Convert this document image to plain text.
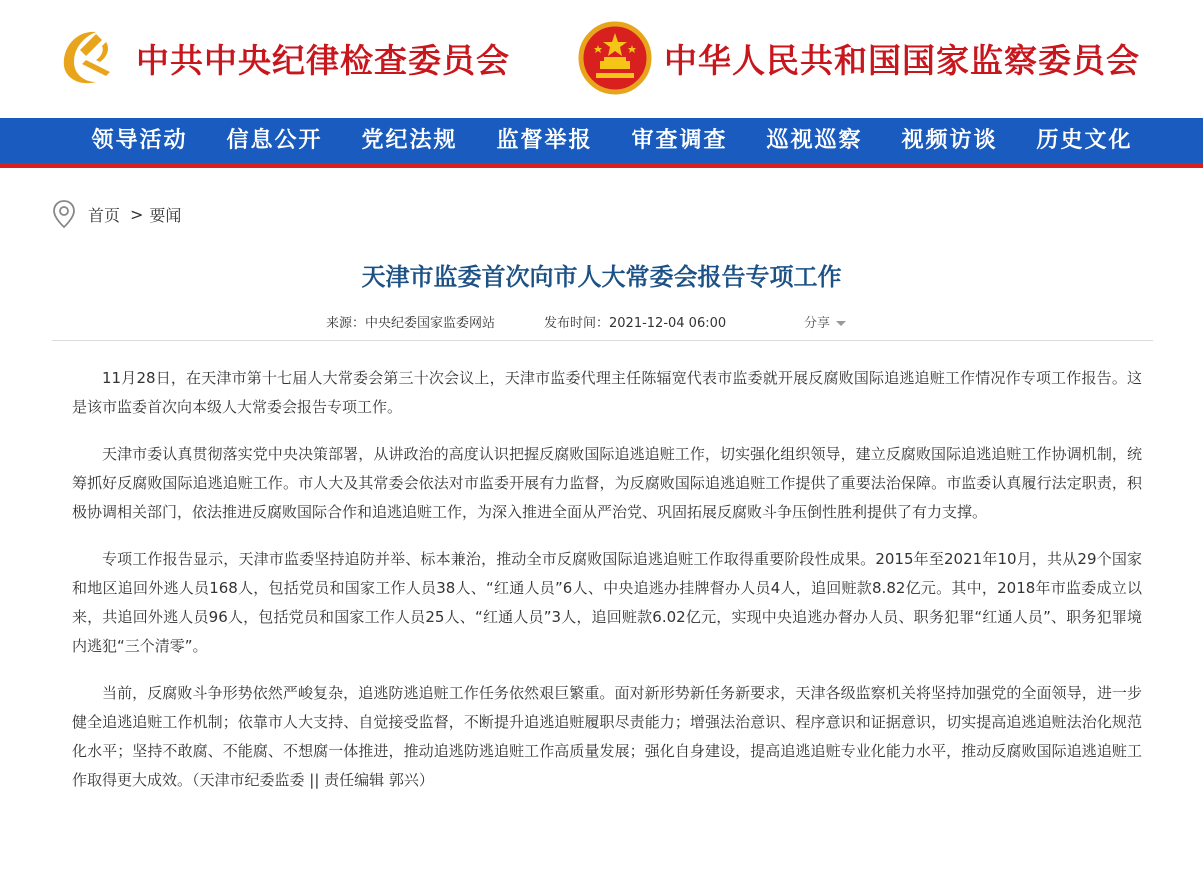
中共中央纪律检查委员会	中华人民共和国国家监察委员会
领导活动	信息公开	党纪法规	监督举报	审查调查	巡视巡察	视频访谈	历史文化
首页 > 要闻
天津市监委首次向市人大常委会报告专项工作
来源：中央纪委国家监委网站	发布时间：2021-12-04 06:00	分享

11月28日，在天津市第十七届人大常委会第三十次会议上，天津市监委代理主任陈辐宽代表市监委就开展反腐败国际追逃追赃工作情况作专项工作报告。这是该市监委首次向本级人大常委会报告专项工作。

天津市委认真贯彻落实党中央决策部署，从讲政治的高度认识把握反腐败国际追逃追赃工作，切实强化组织领导，建立反腐败国际追逃追赃工作协调机制，统筹抓好反腐败国际追逃追赃工作。市人大及其常委会依法对市监委开展有力监督，为反腐败国际追逃追赃工作提供了重要法治保障。市监委认真履行法定职责，积极协调相关部门，依法推进反腐败国际合作和追逃追赃工作，为深入推进全面从严治党、巩固拓展反腐败斗争压倒性胜利提供了有力支撑。

专项工作报告显示，天津市监委坚持追防并举、标本兼治，推动全市反腐败国际追逃追赃工作取得重要阶段性成果。2015年至2021年10月，共从29个国家和地区追回外逃人员168人，包括党员和国家工作人员38人、“红通人员”6人、中央追逃办挂牌督办人员4人，追回赃款8.82亿元。其中，2018年市监委成立以来，共追回外逃人员96人，包括党员和国家工作人员25人、“红通人员”3人，追回赃款6.02亿元，实现中央追逃办督办人员、职务犯罪“红通人员”、职务犯罪境内逃犯“三个清零”。

当前，反腐败斗争形势依然严峻复杂，追逃防逃追赃工作任务依然艰巨繁重。面对新形势新任务新要求，天津各级监察机关将坚持加强党的全面领导，进一步健全追逃追赃工作机制；依靠市人大支持、自觉接受监督，不断提升追逃追赃履职尽责能力；增强法治意识、程序意识和证据意识，切实提高追逃追赃法治化规范化水平；坚持不敢腐、不能腐、不想腐一体推进，推动追逃防逃追赃工作高质量发展；强化自身建设，提高追逃追赃专业化能力水平，推动反腐败国际追逃追赃工作取得更大成效。（天津市纪委监委 || 责任编辑 郭兴）
